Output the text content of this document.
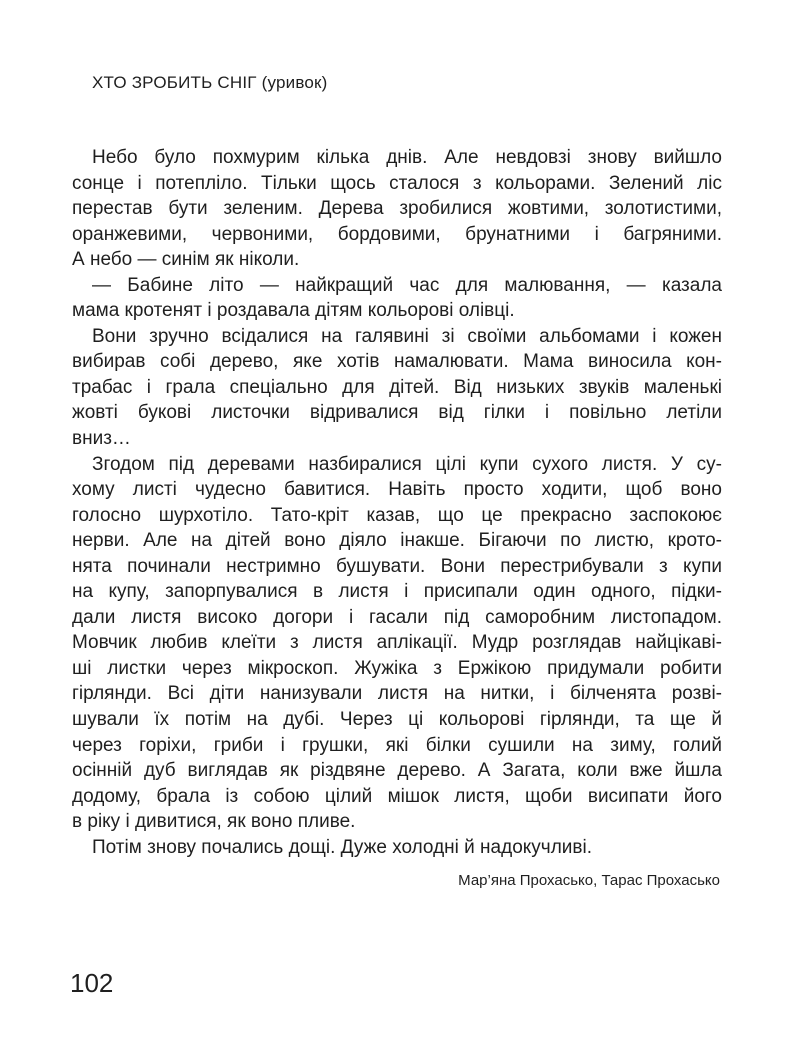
ХТО ЗРОБИТЬ СНІГ (уривок)
Небо було похмурим кілька днів. Але невдовзі знову вийшло
сонце і потепліло. Тільки щось сталося з кольорами. Зелений ліс
перестав бути зеленим. Дерева зробилися жовтими, золотистими,
оранжевими, червоними, бордовими, брунатними і багряними.
А небо — синім як ніколи.
— Бабине літо — найкращий час для малювання, — казала
мама кротенят і роздавала дітям кольорові олівці.
Вони зручно всідалися на галявині зі своїми альбомами і кожен
вибирав собі дерево, яке хотів намалювати. Мама виносила кон-
трабас і грала спеціально для дітей. Від низьких звуків маленькі
жовті букові листочки відривалися від гілки і повільно летіли
вниз…
Згодом під деревами назбиралися цілі купи сухого листя. У су-
хому листі чудесно бавитися. Навіть просто ходити, щоб воно
голосно шурхотіло. Тато-кріт казав, що це прекрасно заспокоює
нерви. Але на дітей воно діяло інакше. Бігаючи по листю, крото-
нята починали нестримно бушувати. Вони перестрибували з купи
на купу, запорпувалися в листя і присипали один одного, підки-
дали листя високо догори і гасали під саморобним листопадом.
Мовчик любив клеїти з листя аплікації. Мудр розглядав найцікаві-
ші листки через мікроскоп. Жужіка з Ержікою придумали робити
гірлянди. Всі діти нанизували листя на нитки, і білченята розві-
шували їх потім на дубі. Через ці кольорові гірлянди, та ще й
через горіхи, гриби і грушки, які білки сушили на зиму, голий
осінній дуб виглядав як різдвяне дерево. А Загата, коли вже йшла
додому, брала із собою цілий мішок листя, щоби висипати його
в ріку і дивитися, як воно пливе.
Потім знову почались дощі. Дуже холодні й надокучливі.
Мар’яна Прохасько, Тарас Прохасько
102
